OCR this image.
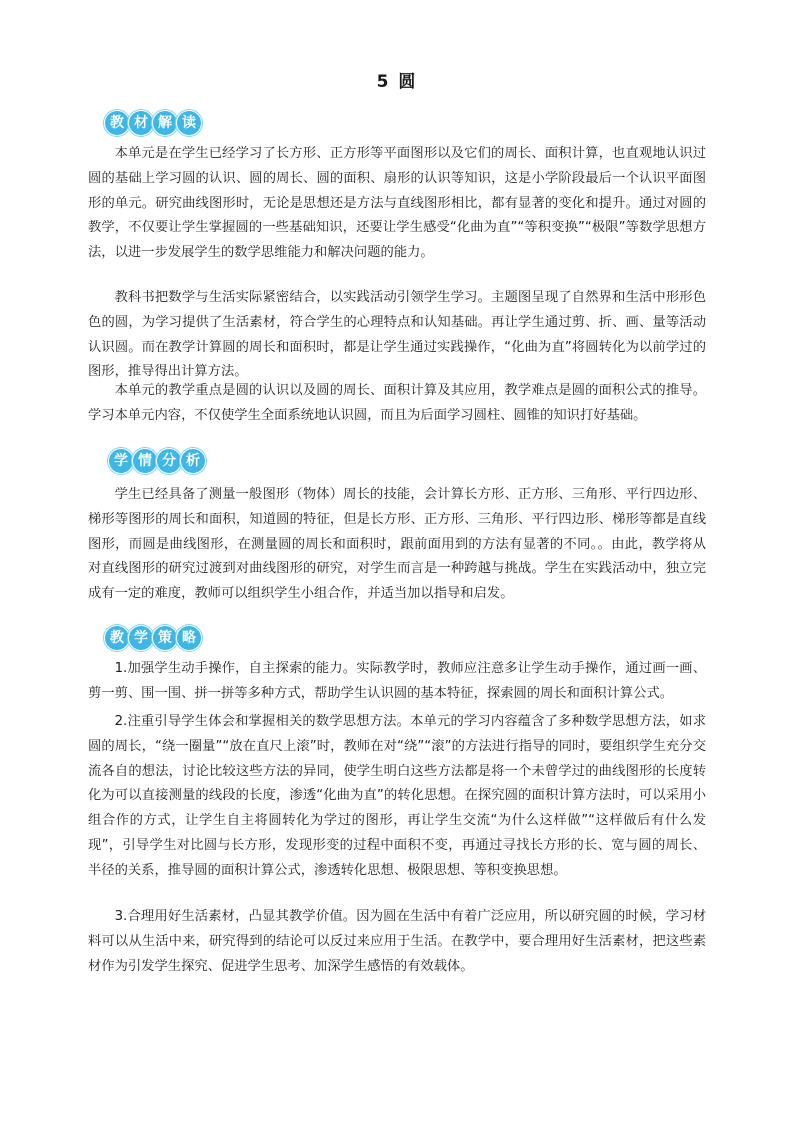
5 圆
教 材 解 读

本单元是在学生已经学习了长方形、正方形等平面图形以及它们的周长、面积计算，也直观地认识过圆的基础上学习圆的认识、圆的周长、圆的面积、扇形的认识等知识，这是小学阶段最后一个认识平面图形的单元。研究曲线图形时，无论是思想还是方法与直线图形相比，都有显著的变化和提升。通过对圆的教学，不仅要让学生掌握圆的一些基础知识，还要让学生感受“化曲为直”“等积变换”“极限”等数学思想方法，以进一步发展学生的数学思维能力和解决问题的能力。

教科书把数学与生活实际紧密结合，以实践活动引领学生学习。主题图呈现了自然界和生活中形形色色的圆，为学习提供了生活素材，符合学生的心理特点和认知基础。再让学生通过剪、折、画、量等活动认识圆。而在教学计算圆的周长和面积时，都是让学生通过实践操作，“化曲为直”将圆转化为以前学过的图形，推导得出计算方法。

本单元的教学重点是圆的认识以及圆的周长、面积计算及其应用，教学难点是圆的面积公式的推导。学习本单元内容，不仅使学生全面系统地认识圆，而且为后面学习圆柱、圆锥的知识打好基础。

学 情 分 析

学生已经具备了测量一般图形（物体）周长的技能，会计算长方形、正方形、三角形、平行四边形、梯形等图形的周长和面积，知道圆的特征，但是长方形、正方形、三角形、平行四边形、梯形等都是直线图形，而圆是曲线图形，在测量圆的周长和面积时，跟前面用到的方法有显著的不同。。由此，教学将从对直线图形的研究过渡到对曲线图形的研究，对学生而言是一种跨越与挑战。学生在实践活动中，独立完成有一定的难度，教师可以组织学生小组合作，并适当加以指导和启发。

教 学 策 略

1.加强学生动手操作，自主探索的能力。实际教学时，教师应注意多让学生动手操作，通过画一画、剪一剪、围一围、拼一拼等多种方式，帮助学生认识圆的基本特征，探索圆的周长和面积计算公式。

2.注重引导学生体会和掌握相关的数学思想方法。本单元的学习内容蕴含了多种数学思想方法，如求圆的周长，“绕一圈量”“放在直尺上滚”时，教师在对“绕”“滚”的方法进行指导的同时，要组织学生充分交流各自的想法，讨论比较这些方法的异同，使学生明白这些方法都是将一个未曾学过的曲线图形的长度转化为可以直接测量的线段的长度，渗透“化曲为直”的转化思想。在探究圆的面积计算方法时，可以采用小组合作的方式，让学生自主将圆转化为学过的图形，再让学生交流“为什么这样做”“这样做后有什么发现”，引导学生对比圆与长方形，发现形变的过程中面积不变，再通过寻找长方形的长、宽与圆的周长、半径的关系，推导圆的面积计算公式，渗透转化思想、极限思想、等积变换思想。

3.合理用好生活素材，凸显其教学价值。因为圆在生活中有着广泛应用，所以研究圆的时候，学习材料可以从生活中来，研究得到的结论可以反过来应用于生活。在教学中，要合理用好生活素材，把这些素材作为引发学生探究、促进学生思考、加深学生感悟的有效载体。
